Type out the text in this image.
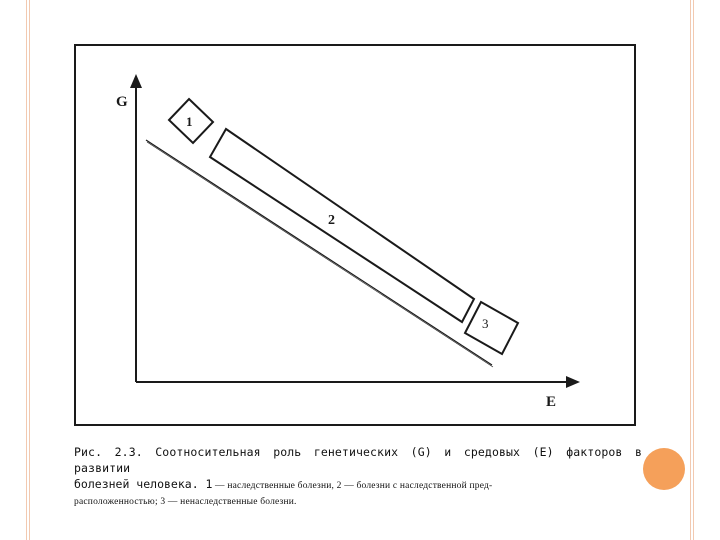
G
E
1
2
3
Рис. 2.3. Соотносительная роль генетических (G) и средовых (E) факторов в развитии
болезней человека. 1 — наследственные болезни, 2 — болезни с наследственной пред-
расположенностью; 3 — ненаследственные болезни.
